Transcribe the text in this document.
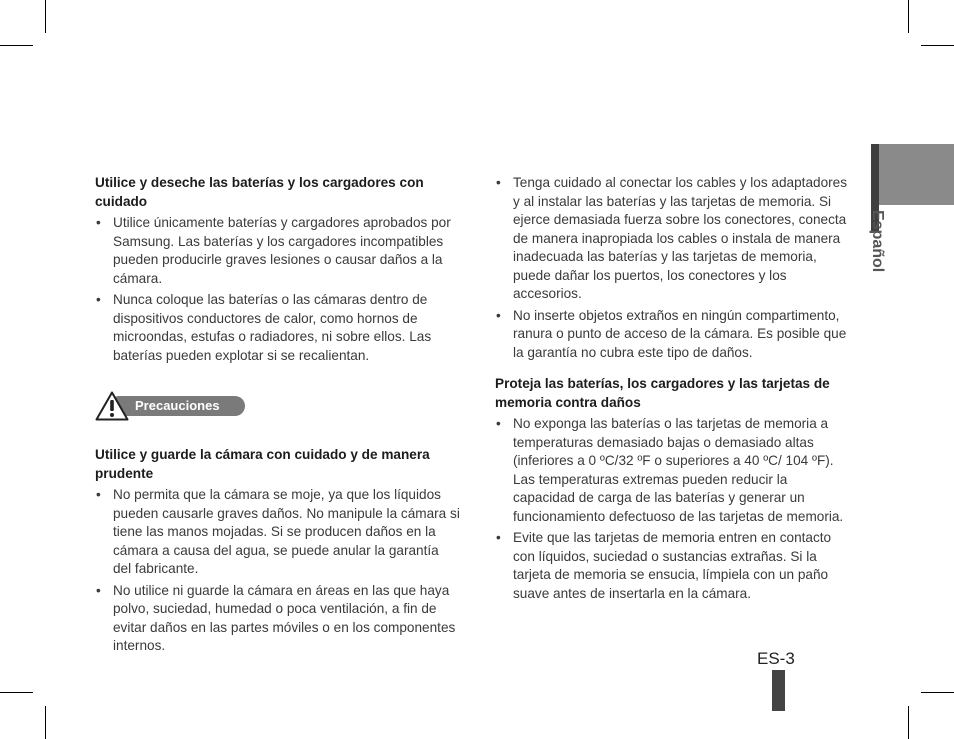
Español
Utilice y deseche las baterías y los cargadores con cuidado
• Utilice únicamente baterías y cargadores aprobados por Samsung. Las baterías y los cargadores incompatibles pueden producirle graves lesiones o causar daños a la cámara.
• Nunca coloque las baterías o las cámaras dentro de dispositivos conductores de calor, como hornos de microondas, estufas o radiadores, ni sobre ellos. Las baterías pueden explotar si se recalientan.
Precauciones
Utilice y guarde la cámara con cuidado y de manera prudente
• No permita que la cámara se moje, ya que los líquidos pueden causarle graves daños. No manipule la cámara si tiene las manos mojadas. Si se producen daños en la cámara a causa del agua, se puede anular la garantía del fabricante.
• No utilice ni guarde la cámara en áreas en las que haya polvo, suciedad, humedad o poca ventilación, a fin de evitar daños en las partes móviles o en los componentes internos.
• Tenga cuidado al conectar los cables y los adaptadores y al instalar las baterías y las tarjetas de memoria. Si ejerce demasiada fuerza sobre los conectores, conecta de manera inapropiada los cables o instala de manera inadecuada las baterías y las tarjetas de memoria, puede dañar los puertos, los conectores y los accesorios.
• No inserte objetos extraños en ningún compartimento, ranura o punto de acceso de la cámara. Es posible que la garantía no cubra este tipo de daños.
Proteja las baterías, los cargadores y las tarjetas de memoria contra daños
• No exponga las baterías o las tarjetas de memoria a temperaturas demasiado bajas o demasiado altas (inferiores a 0 ºC/32 ºF o superiores a 40 ºC/ 104 ºF). Las temperaturas extremas pueden reducir la capacidad de carga de las baterías y generar un funcionamiento defectuoso de las tarjetas de memoria.
• Evite que las tarjetas de memoria entren en contacto con líquidos, suciedad o sustancias extrañas. Si la tarjeta de memoria se ensucia, límpiela con un paño suave antes de insertarla en la cámara.
ES-3
